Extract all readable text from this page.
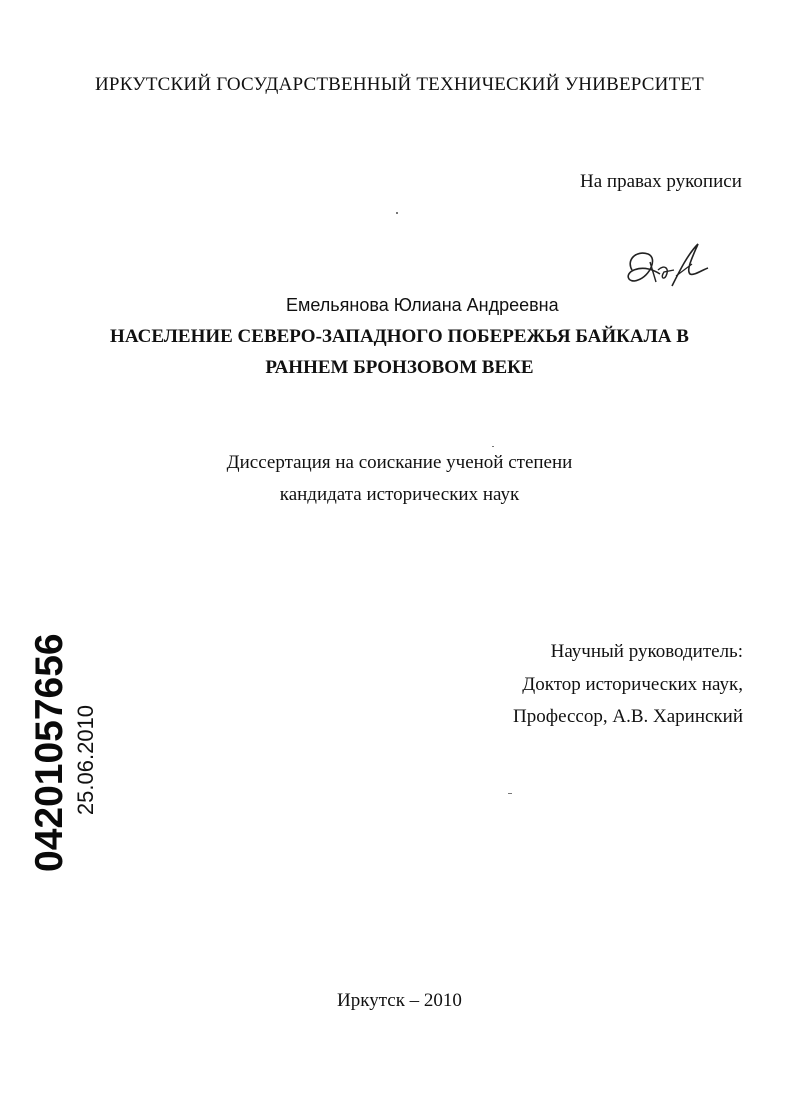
ИРКУТСКИЙ ГОСУДАРСТВЕННЫЙ ТЕХНИЧЕСКИЙ УНИВЕРСИТЕТ
На правах рукописи
Емельянова Юлиана Андреевна
НАСЕЛЕНИЕ СЕВЕРО-ЗАПАДНОГО ПОБЕРЕЖЬЯ БАЙКАЛА В
РАННЕМ БРОНЗОВОМ ВЕКЕ
Диссертация на соискание ученой степени
кандидата исторических наук
Научный руководитель:
Доктор исторических наук,
Профессор, А.В. Харинский
04201057656 25.06.2010
Иркутск – 2010
